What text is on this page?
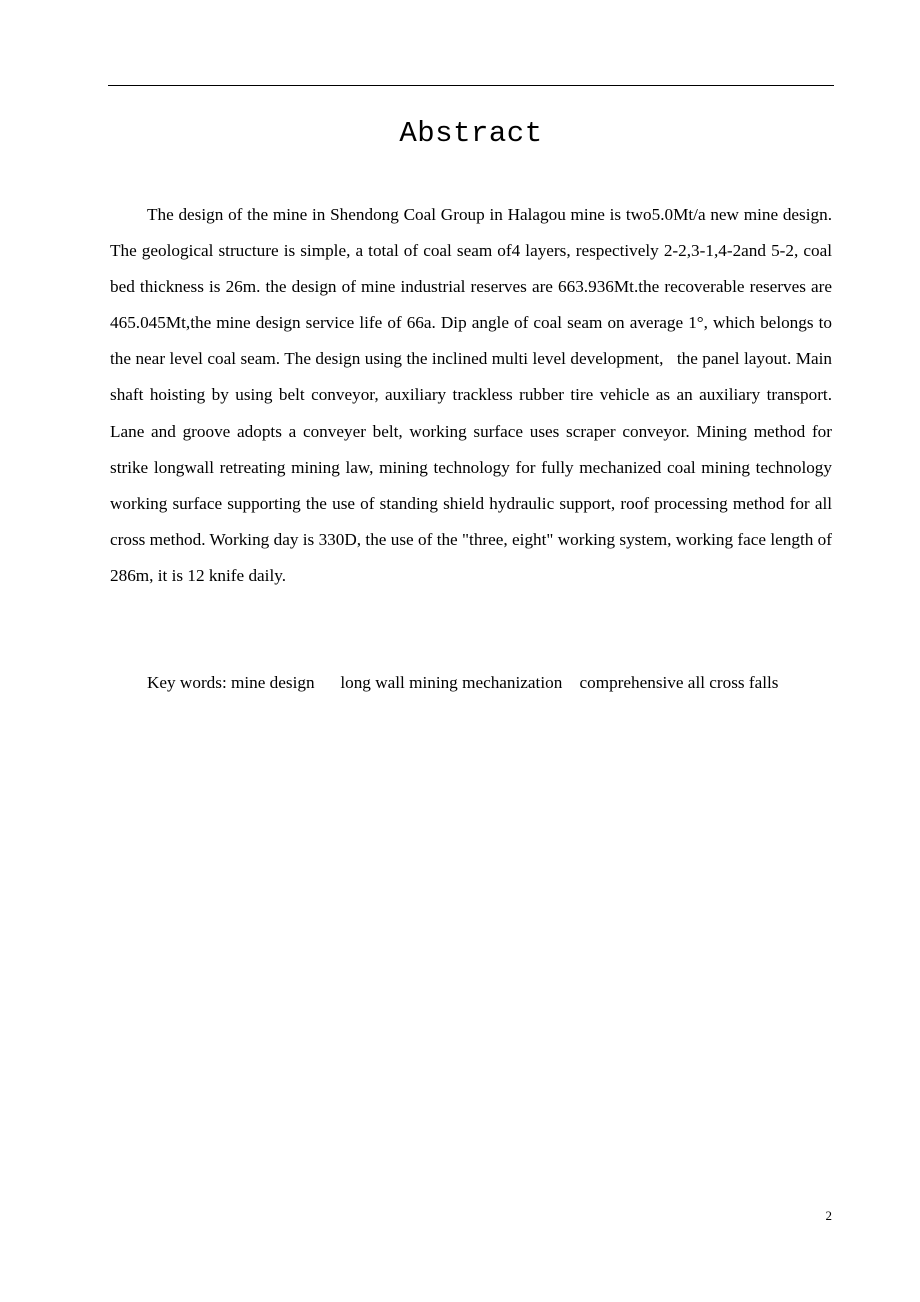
Abstract

The design of the mine in Shendong Coal Group in Halagou mine is two5.0Mt/a new mine design. The geological structure is simple, a total of coal seam of4 layers, respectively 2-2,3-1,4-2and 5-2, coal bed thickness is 26m. the design of mine industrial reserves are 663.936Mt.the recoverable reserves are 465.045Mt,the mine design service life of 66a. Dip angle of coal seam on average 1°, which belongs to the near level coal seam. The design using the inclined multi level development,   the panel layout. Main shaft hoisting by using belt conveyor, auxiliary trackless rubber tire vehicle as an auxiliary transport. Lane and groove adopts a conveyer belt, working surface uses scraper conveyor. Mining method for strike longwall retreating mining law, mining technology for fully mechanized coal mining technology working surface supporting the use of standing shield hydraulic support, roof processing method for all cross method. Working day is 330D, the use of the "three, eight" working system, working face length of 286m, it is 12 knife daily.

Key words: mine design      long wall mining mechanization    comprehensive all cross falls

2
